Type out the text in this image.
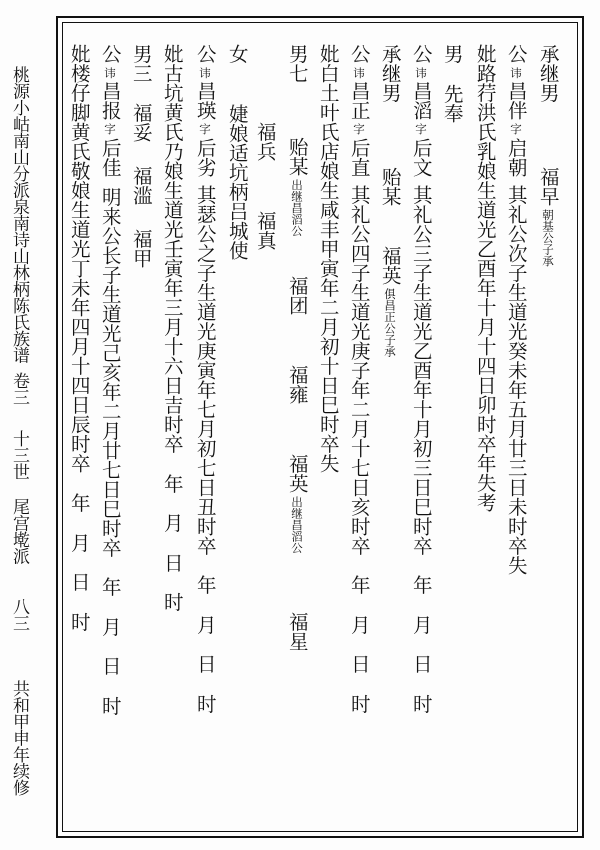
桃源小岵南山分派泉南诗山林柄陈氏族谱
卷三
十三世
尾宫墘派
八三
共和甲申年续修
承继男
福早
朝基公子承
公
讳
昌伴
字
启朝
其礼公次子生道光癸未年五月廿三日未时卒失
妣路荇洪氏乳娘生道光乙酉年十月十四日卯时卒年失考
男
先奉
公
讳
昌滔
字
后文
其礼公三子生道光乙酉年十月初三日巳时卒
年
月
日
时
承继男
贻某
福英
俱昌正公子承
公
讳
昌正
字
后直
其礼公四子生道光庚子年二月十七日亥时卒
年
月
日
时
妣白土叶氏店娘生咸丰甲寅年二月初十日巳时卒失
男七
贻某
出继昌滔公
福团
福雍
福英
出继昌滔公
福星
福兵
福真
女
婕娘适坑柄吕城使
公
讳
昌瑛
字
后劣
其瑟公之子生道光庚寅年七月初七日丑时卒
年
月
日
时
妣古坑黄氏乃娘生道光壬寅年三月十六日吉时卒
年
月
日
时
男三
福妥
福滥
福甲
公
讳
昌报
字
后佳
明来公长子生道光己亥年二月廿七日巳时卒
年
月
日
时
妣楼仔脚黄氏敬娘生道光丁未年四月十四日辰时卒
年
月
日
时
